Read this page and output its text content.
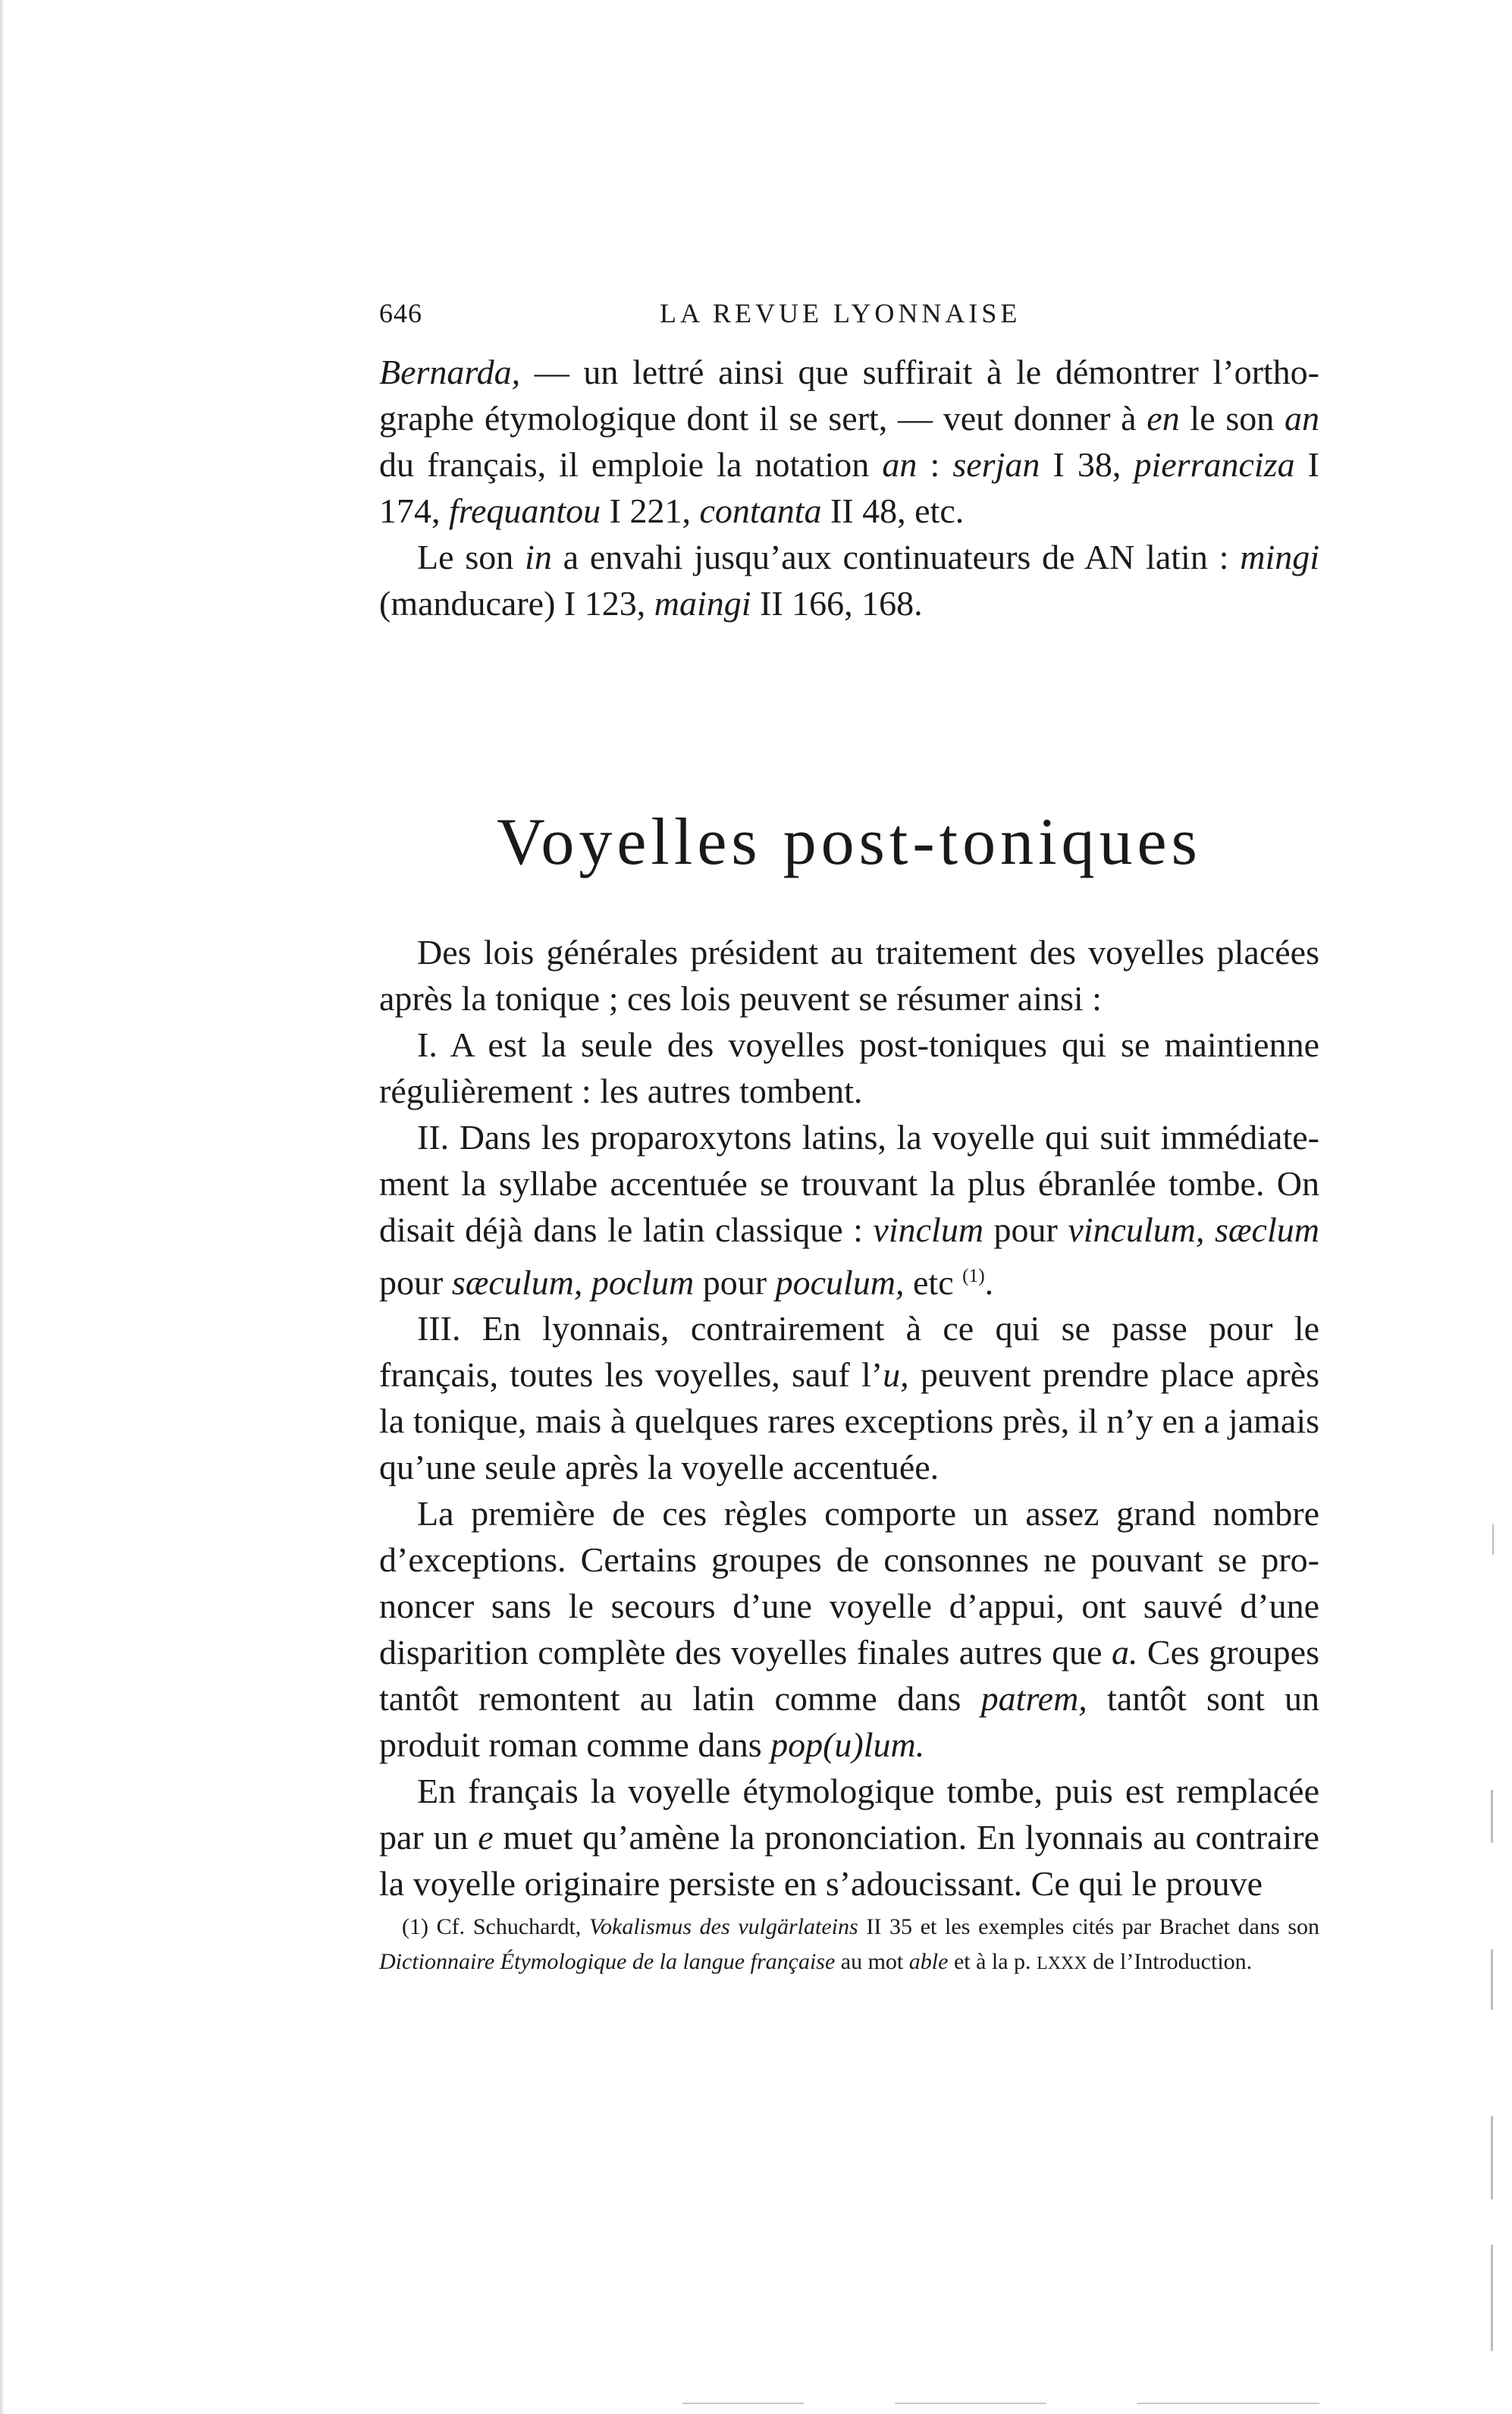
646	LA REVUE LYONNAISE

Bernarda, — un lettré ainsi que suffirait à le démontrer l’orthographe étymologique dont il se sert, — veut donner à en le son an du français, il emploie la notation an : serjan I 38, pierranciza I 174, frequantou I 221, contanta II 48, etc.

Le son in a envahi jusqu’aux continuateurs de AN latin : mingi (manducare) I 123, maingi II 166, 168.

Voyelles post-toniques

Des lois générales président au traitement des voyelles placées après la tonique ; ces lois peuvent se résumer ainsi :

I. A est la seule des voyelles post-toniques qui se maintienne régulièrement : les autres tombent.

II. Dans les proparoxytons latins, la voyelle qui suit immédiatement la syllabe accentuée se trouvant la plus ébranlée tombe. On disait déjà dans le latin classique : vinclum pour vinculum, sæclum pour sæculum, poclum pour poculum, etc $^{(1)}$.

III. En lyonnais, contrairement à ce qui se passe pour le français, toutes les voyelles, sauf l’u, peuvent prendre place après la tonique, mais à quelques rares exceptions près, il n’y en a jamais qu’une seule après la voyelle accentuée.

La première de ces règles comporte un assez grand nombre d’exceptions. Certains groupes de consonnes ne pouvant se prononcer sans le secours d’une voyelle d’appui, ont sauvé d’une disparition complète des voyelles finales autres que a. Ces groupes tantôt remontent au latin comme dans patrem, tantôt sont un produit roman comme dans pop(u)lum.

En français la voyelle étymologique tombe, puis est remplacée par un e muet qu’amène la prononciation. En lyonnais au contraire la voyelle originaire persiste en s’adoucissant. Ce qui le prouve

(1) Cf. Schuchardt, Vokalismus des vulgärlateins II 35 et les exemples cités par Brachet dans son Dictionnaire Étymologique de la langue française au mot able et à la p. LXXX de l’Introduction.
